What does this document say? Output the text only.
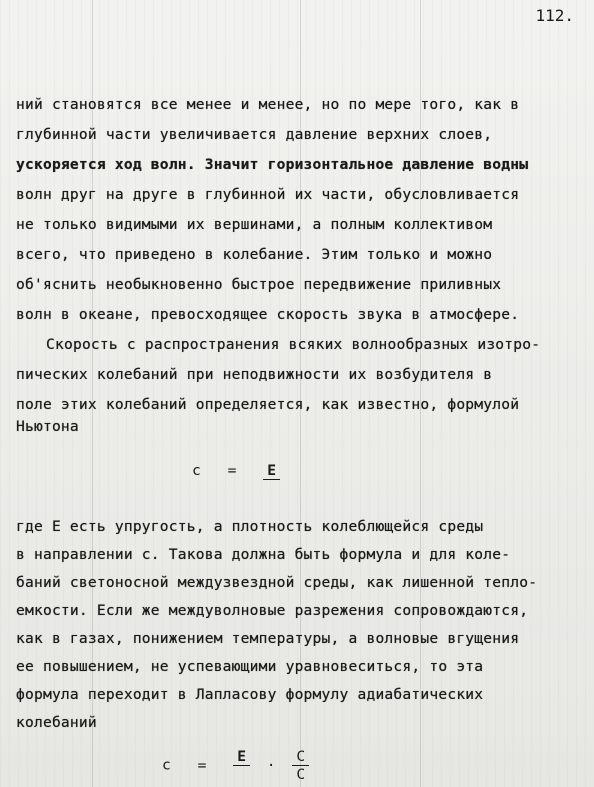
112.
ний становятся все менее и менее, но по мере того, как в
глубинной части увеличивается давление верхних слоев,
ускоряется ход волн. Значит горизонтальное давление водны
волн друг на друге в глубинной их части, обусловливается
не только видимыми их вершинами, а полным коллективом
всего, что приведено в колебание. Этим только и можно
об'яснить необыкновенно быстрое передвижение приливных
волн в океане, превосходящее скорость звука в атмосфере.
Скорость с распространения всяких волнообразных изотро-
пических колебаний при неподвижности их возбудителя в
поле этих колебаний определяется, как известно, формулой
Ньютона
c = E
где E есть упругость, а плотность колеблющейся среды
в направлении c. Такова должна быть формула и для коле-
баний светоносной междузвездной среды, как лишенной тепло-
емкости. Если же междуволновые разрежения сопровождаются,
как в газах, понижением температуры, а волновые вгущения
ее повышением, не успевающими уравновеситься, то эта
формула переходит в Лапласову формулу адиабатических
колебаний
c = E
· $\frac{C}{C}$
